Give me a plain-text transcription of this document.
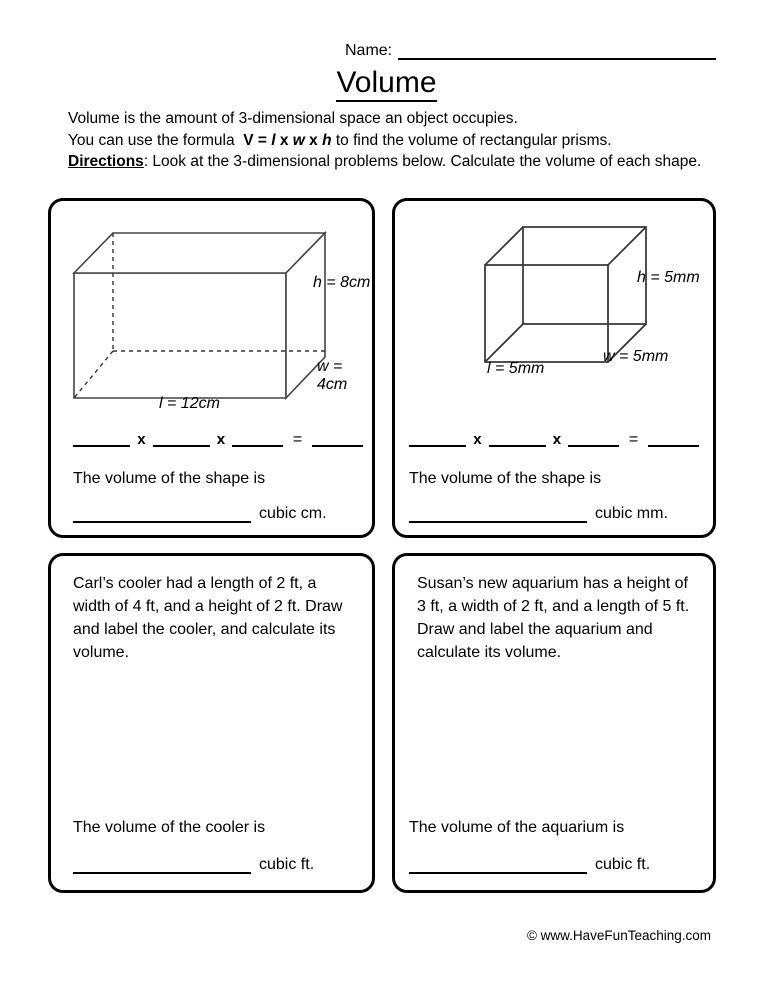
Name:
Volume

Volume is the amount of 3-dimensional space an object occupies.

You can use the formula V = l x w x h to find the volume of rectangular prisms.

Directions: Look at the 3-dimensional problems below. Calculate the volume of each shape.

h = 8cm
w = 4cm
l = 12cm
x	x	=
The volume of the shape is
cubic cm.
h = 5mm
w = 5mm
l = 5mm
x	x	=
The volume of the shape is
cubic mm.
Carl’s cooler had a length of 2 ft, a width of 4 ft, and a height of 2 ft. Draw and label the cooler, and calculate its volume.
The volume of the cooler is
cubic ft.
Susan’s new aquarium has a height of 3 ft, a width of 2 ft, and a length of 5 ft. Draw and label the aquarium and calculate its volume.
The volume of the aquarium is
cubic ft.
© www.HaveFunTeaching.com
